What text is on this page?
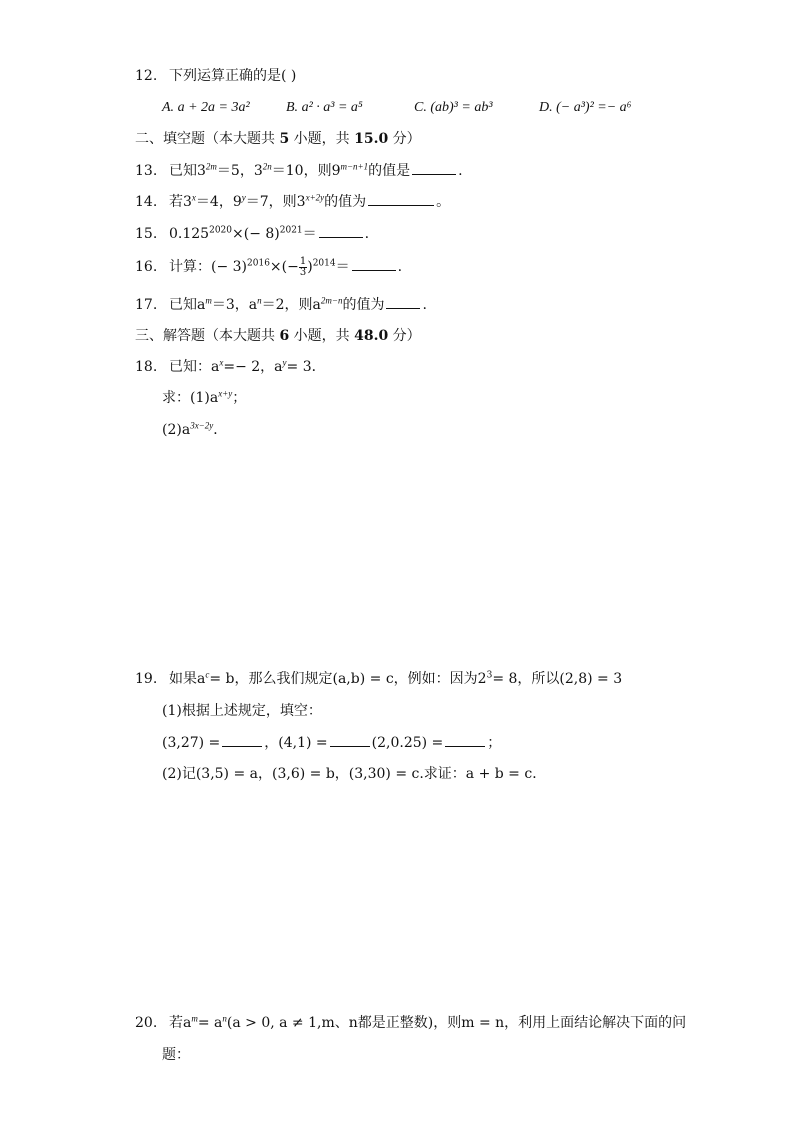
12. 下列运算正确的是( )
A. a + 2a = 3a²	B. a² · a³ = a⁵	C. (ab)³ = ab³	D. (− a³)² =− a⁶
二、填空题（本大题共 5 小题，共 15.0 分）
13. 已知$3^{2m}=5$，$3^{2n}=10$，则$9^{m-n+1}$的值是	.
14. 若$3^x=4$，$9^y=7$，则$3^{x+2y}$的值为	。
15. $0.125^{2020}\times(- 8)^{2021}=$	.
16. 计算：(− $3)^{2016}\times(- \frac{1}{3} )^{2014}=$	.
17. 已知$a^m=3$，$a^n=2$，则$a^{2m-n}$的值为	.
三、解答题（本大题共 6 小题，共 48.0 分）
18. 已知：$a^x=- 2$，$a^y= 3$．
求：$(1)a^{x+y}$；
$(2)a^{3x-2y}$．
19. 如果$a^c= b$，那么我们规定(a,b) = c，例如：因为$2^3= 8$，所以(2,8) = 3
(1)根据上述规定，填空：
(3,27) =	，(4,1) =	(2,0.25) =	；
(2)记(3,5) = a，(3,6) = b，(3,30) = c.求证：a + b = c．
20. 若$a^m= a^n(a > 0$, a ≠ 1,m、n都是正整数)，则m = n，利用上面结论解决下面的问
题：
